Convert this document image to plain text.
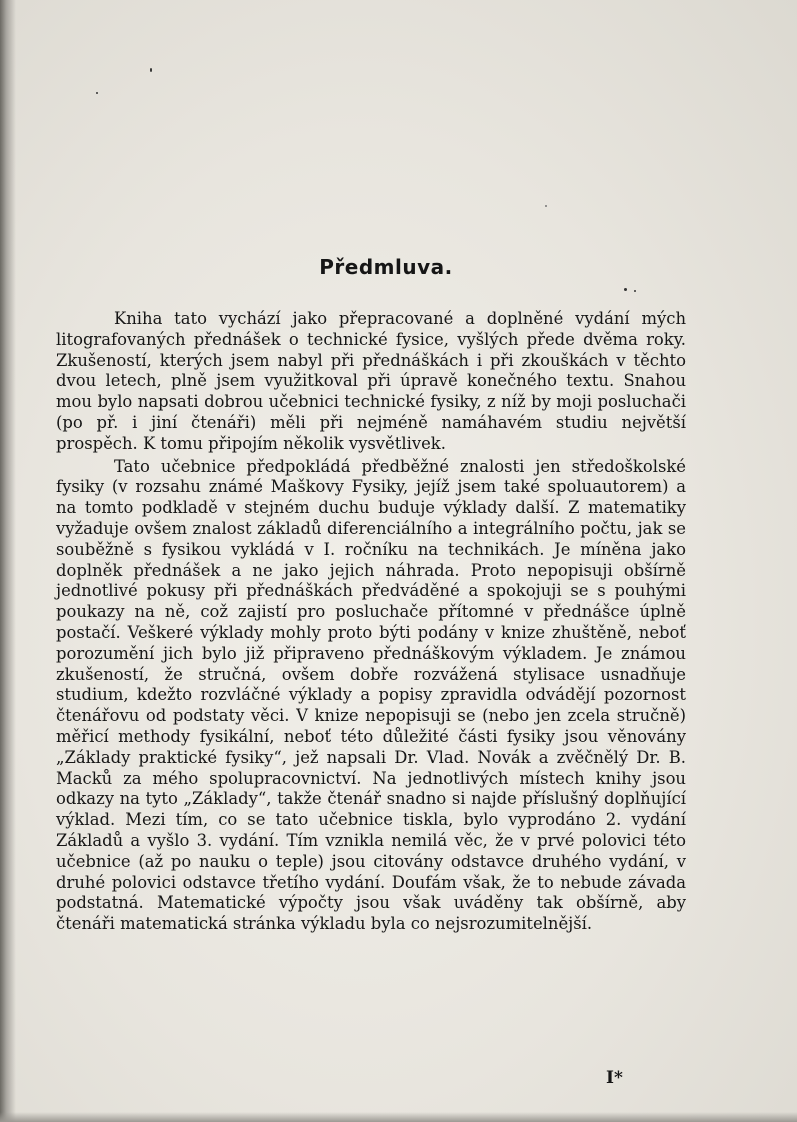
Předmluva.

Kniha tato vychází jako přepracované a doplněné vydání mých litografovaných přednášek o technické fysice, vyšlých přede dvěma roky. Zkušeností, kterých jsem nabyl při přednáškách i při zkouškách v těchto dvou letech, plně jsem využitkoval při úpravě konečného textu. Snahou mou bylo napsati dobrou učebnici technické fysiky, z níž by moji posluchači (po př. i jiní čtenáři) měli při nejméně namáhavém studiu největší prospěch. K tomu připojím několik vysvětlivek.

Tato učebnice předpokládá předběžné znalosti jen středoškolské fysiky (v rozsahu známé Maškovy Fysiky, jejíž jsem také spoluautorem) a na tomto podkladě v stejném duchu buduje výklady další. Z matematiky vyžaduje ovšem znalost základů diferenciálního a integrálního počtu, jak se souběžně s fysikou vykládá v I. ročníku na technikách. Je míněna jako doplněk přednášek a ne jako jejich náhrada. Proto nepopisuji obšírně jednotlivé pokusy při přednáškách předváděné a spokojuji se s pouhými poukazy na ně, což zajistí pro posluchače přítomné v přednášce úplně postačí. Veškeré výklady mohly proto býti podány v knize zhuštěně, neboť porozumění jich bylo již připraveno přednáškovým výkladem. Je známou zkušeností, že stručná, ovšem dobře rozvážená stylisace usnadňuje studium, kdežto rozvláčné výklady a popisy zpravidla odvádějí pozornost čtenářovu od podstaty věci. V knize nepopisuji se (nebo jen zcela stručně) měřicí methody fysikální, neboť této důležité části fysiky jsou věnovány „Základy praktické fysiky“, jež napsali Dr. Vlad. Novák a zvěčnělý Dr. B. Macků za mého spolupracovnictví. Na jednotlivých místech knihy jsou odkazy na tyto „Základy“, takže čtenář snadno si najde příslušný doplňující výklad. Mezi tím, co se tato učebnice tiskla, bylo vyprodáno 2. vydání Základů a vyšlo 3. vydání. Tím vznikla nemilá věc, že v prvé polovici této učebnice (až po nauku o teple) jsou citovány odstavce druhého vydání, v druhé polovici odstavce třetího vydání. Doufám však, že to nebude závada podstatná. Matematické výpočty jsou však uváděny tak obšírně, aby čtenáři matematická stránka výkladu byla co nejsrozumitelnější.

I*
